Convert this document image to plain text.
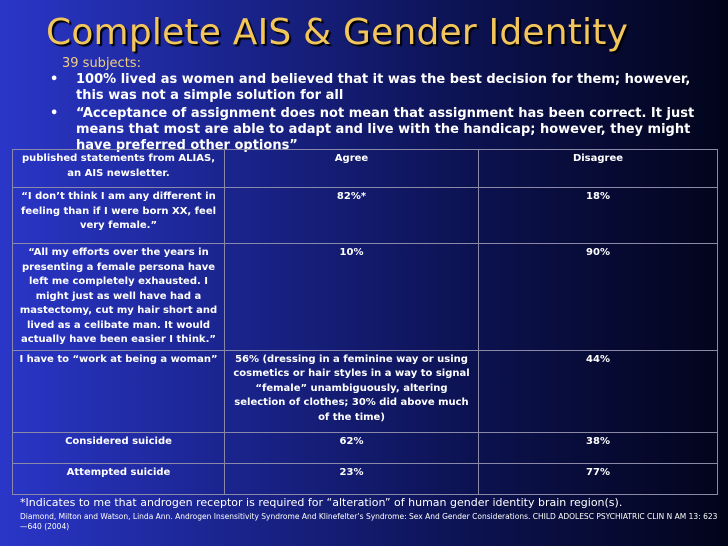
Complete AIS & Gender Identity
39 subjects:
• 100% lived as women and believed that it was the best decision for them; however, this was not a simple solution for all
• “Acceptance of assignment does not mean that assignment has been correct. It just means that most are able to adapt and live with the handicap; however, they might have preferred other options”
published statements from ALIAS, an AIS newsletter.	Agree	Disagree
“I don’t think I am any different in feeling than if I were born XX, feel very female.”	82%*	18%
“All my efforts over the years in presenting a female persona have left me completely exhausted. I might just as well have had a mastectomy, cut my hair short and lived as a celibate man. It would actually have been easier I think.”	10%	90%
I have to “work at being a woman”	56% (dressing in a feminine way or using cosmetics or hair styles in a way to signal “female” unambiguously, altering selection of clothes; 30% did above much of the time)	44%
Considered suicide	62%	38%
Attempted suicide	23%	77%
*Indicates to me that androgen receptor is required for “alteration” of human gender identity brain region(s).
Diamond, Milton and Watson, Linda Ann. Androgen Insensitivity Syndrome And Klinefelter’s Syndrome: Sex And Gender Considerations. CHILD ADOLESC PSYCHIATRIC CLIN N AM 13: 623—640 (2004)
